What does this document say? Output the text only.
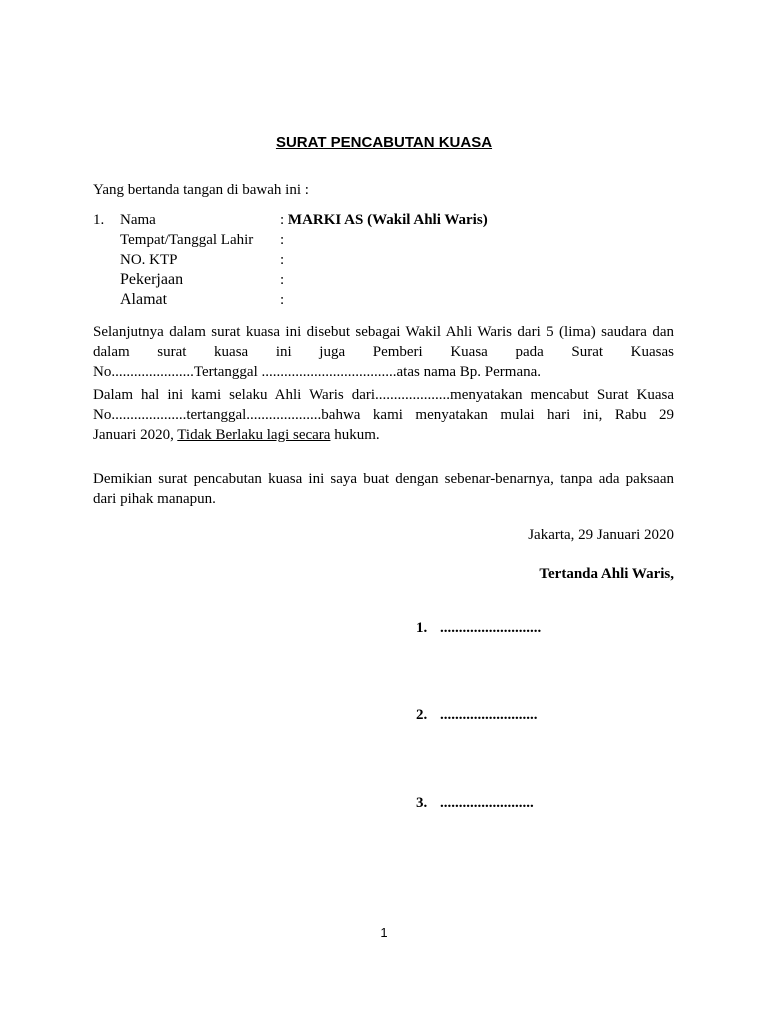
SURAT PENCABUTAN KUASA
Yang bertanda tangan di bawah ini :
1.	Nama	: MARKI AS (Wakil Ahli Waris)
Tempat/Tanggal Lahir :
NO. KTP	:
Pekerjaan	:
Alamat	:
Selanjutnya dalam surat kuasa ini disebut sebagai Wakil Ahli Waris dari 5 (lima) saudara dan
dalam surat kuasa ini juga Pemberi Kuasa pada Surat Kuasas
No......................Tertanggal ....................................atas nama Bp. Permana.
Dalam hal ini kami selaku Ahli Waris dari....................menyatakan mencabut Surat Kuasa
No....................tertanggal....................bahwa kami menyatakan mulai hari ini, Rabu 29
Januari 2020, Tidak Berlaku lagi secara hukum.
Demikian surat pencabutan kuasa ini saya buat dengan sebenar-benarnya, tanpa ada paksaan
dari pihak manapun.
Jakarta, 29 Januari 2020
Tertanda Ahli Waris,
1. ...........................
2. ..........................
3. .........................
1
